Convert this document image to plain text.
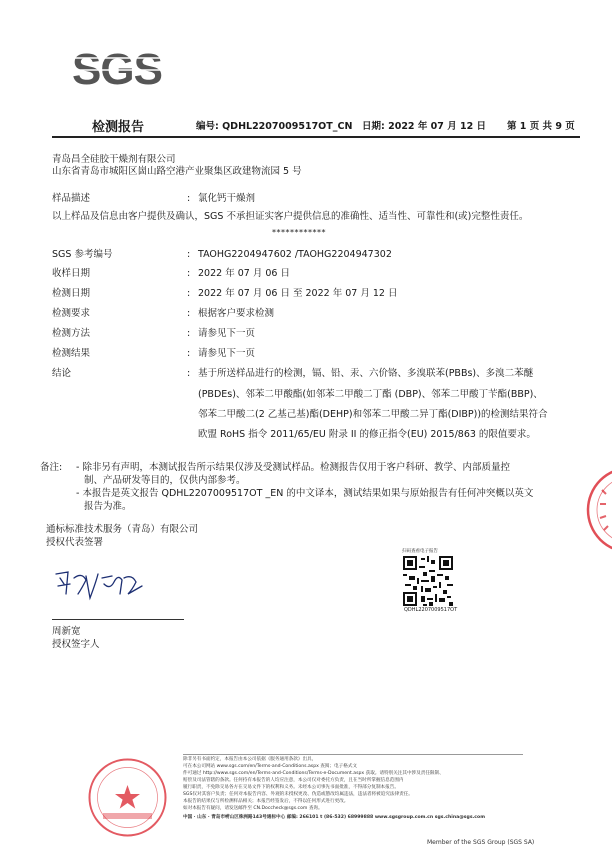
SGS
检测报告	编号: QDHL2207009517OT_CN 日期: 2022 年 07 月 12 日 第 1 页 共 9 页
青岛昌全硅胶干燥剂有限公司
山东省青岛市城阳区崮山路空港产业聚集区政建物流园 5 号
样品描述	: 氯化钙干燥剂
以上样品及信息由客户提供及确认，SGS 不承担证实客户提供信息的准确性、适当性、可靠性和(或)完整性责任。
************
SGS 参考编号	: TAOHG2204947602 /TAOHG2204947302
收样日期	: 2022 年 07 月 06 日
检测日期	: 2022 年 07 月 06 日 至 2022 年 07 月 12 日
检测要求	: 根据客户要求检测
检测方法	: 请参见下一页
检测结果	: 请参见下一页
结论	: 基于所送样品进行的检测，镉、铅、汞、六价铬、多溴联苯(PBBs)、多溴二苯醚
(PBDEs)、邻苯二甲酸酯(如邻苯二甲酸二丁酯 (DBP)、邻苯二甲酸丁苄酯(BBP)、
邻苯二甲酸二(2 乙基己基)酯(DEHP)和邻苯二甲酸二异丁酯(DIBP))的检测结果符合
欧盟 RoHS 指令 2011/65/EU 附录 II 的修正指令(EU) 2015/863 的限值要求。
备注: - 除非另有声明，本测试报告所示结果仅涉及受测试样品。检测报告仅用于客户科研、教学、内部质量控
制、产品研发等目的，仅供内部参考。
- 本报告是英文报告 QDHL2207009517OT _EN 的中文译本，测试结果如果与原始报告有任何冲突概以英文
报告为准。
通标标准技术服务（青岛）有限公司
授权代表签署
周新宽
授权签字人
扫码查看电子报告
QDHL2207009517OT
除非另有书面约定，本报告由本公司依据《服务通用条款》出具，
可在本公司网站 www.sgs.com/en/Terms-and-Conditions.aspx 查阅；电子格式文
件可通过 http://www.sgs.com/en/Terms-and-Conditions/Terms-e-Document.aspx 获取。请特别关注其中涉及责任限制、
赔偿及司法管辖的条款。任何持有本报告的人均应注意，本公司仅对委托方负责，且在当时所掌握信息范围内
履行职责，不免除交易各方在交易文件下的权利和义务。未经本公司事先书面批准，不得部分复制本报告。
SGS仅对其客户负责；任何对本报告内容、外观的未授权更改、伪造或篡改均属违法，违法者将被追究法律责任。
本报告的结果仅与所检测样品相关；本报告经签发后，不得以任何形式进行更改。
如对本报告有疑问，请发送邮件至 CN.Doccheck@sgs.com 查询。
中国 · 山东 · 青岛市崂山区株洲路143号通标中心 邮编: 266101 t (86-532) 68999888 www.sgsgroup.com.cn sgs.china@sgs.com
Member of the SGS Group (SGS SA)
